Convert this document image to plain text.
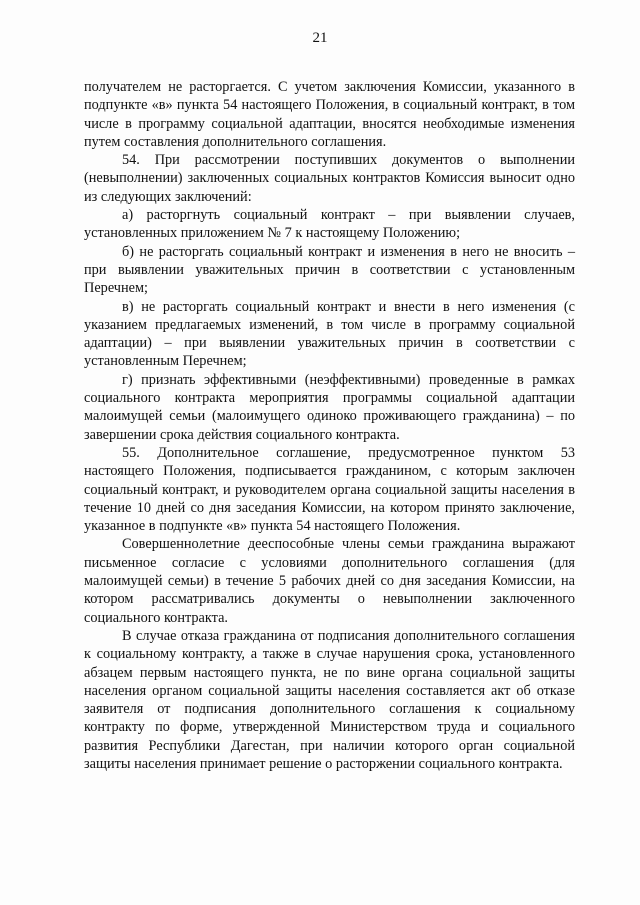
21

получателем не расторгается. С учетом заключения Комиссии, указанного в подпункте «в» пункта 54 настоящего Положения, в социальный контракт, в том числе в программу социальной адаптации, вносятся необходимые изменения путем составления дополнительного соглашения.

54. При рассмотрении поступивших документов о выполнении (невыполнении) заключенных социальных контрактов Комиссия выносит одно из следующих заключений:

а) расторгнуть социальный контракт – при выявлении случаев, установленных приложением № 7 к настоящему Положению;

б) не расторгать социальный контракт и изменения в него не вносить – при выявлении уважительных причин в соответствии с установленным Перечнем;

в) не расторгать социальный контракт и внести в него изменения (с указанием предлагаемых изменений, в том числе в программу социальной адаптации) – при выявлении уважительных причин в соответствии с установленным Перечнем;

г) признать эффективными (неэффективными) проведенные в рамках социального контракта мероприятия программы социальной адаптации малоимущей семьи (малоимущего одиноко проживающего гражданина) – по завершении срока действия социального контракта.

55. Дополнительное соглашение, предусмотренное пунктом 53 настоящего Положения, подписывается гражданином, с которым заключен социальный контракт, и руководителем органа социальной защиты населения в течение 10 дней со дня заседания Комиссии, на котором принято заключение, указанное в подпункте «в» пункта 54 настоящего Положения.

Совершеннолетние дееспособные члены семьи гражданина выражают письменное согласие с условиями дополнительного соглашения (для малоимущей семьи) в течение 5 рабочих дней со дня заседания Комиссии, на котором рассматривались документы о невыполнении заключенного социального контракта.

В случае отказа гражданина от подписания дополнительного соглашения к социальному контракту, а также в случае нарушения срока, установленного абзацем первым настоящего пункта, не по вине органа социальной защиты населения органом социальной защиты населения составляется акт об отказе заявителя от подписания дополнительного соглашения к социальному контракту по форме, утвержденной Министерством труда и социального развития Республики Дагестан, при наличии которого орган социальной защиты населения принимает решение о расторжении социального контракта.
